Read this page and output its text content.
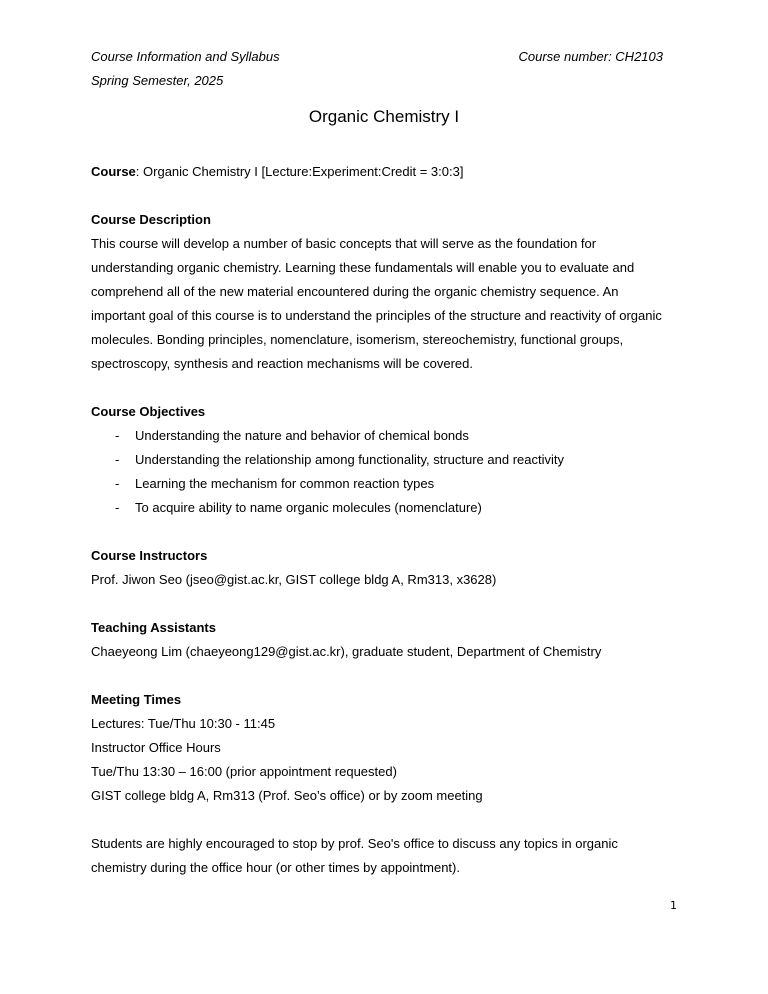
Course Information and Syllabus
Spring Semester, 2025
Course number: CH2103
Organic Chemistry I
Course: Organic Chemistry I [Lecture:Experiment:Credit = 3:0:3]
Course Description

This course will develop a number of basic concepts that will serve as the foundation for understanding organic chemistry. Learning these fundamentals will enable you to evaluate and comprehend all of the new material encountered during the organic chemistry sequence. An important goal of this course is to understand the principles of the structure and reactivity of organic molecules. Bonding principles, nomenclature, isomerism, stereochemistry, functional groups, spectroscopy, synthesis and reaction mechanisms will be covered.

Course Objectives
- Understanding the nature and behavior of chemical bonds
- Understanding the relationship among functionality, structure and reactivity
- Learning the mechanism for common reaction types
- To acquire ability to name organic molecules (nomenclature)
Course Instructors

Prof. Jiwon Seo (jseo@gist.ac.kr, GIST college bldg A, Rm313, x3628)

Teaching Assistants

Chaeyeong Lim (chaeyeong129@gist.ac.kr), graduate student, Department of Chemistry

Meeting Times

Lectures: Tue/Thu 10:30 - 11:45

Instructor Office Hours

Tue/Thu 13:30 – 16:00 (prior appointment requested)

GIST college bldg A, Rm313 (Prof. Seo’s office) or by zoom meeting

Students are highly encouraged to stop by prof. Seo's office to discuss any topics in organic chemistry during the office hour (or other times by appointment).

1
